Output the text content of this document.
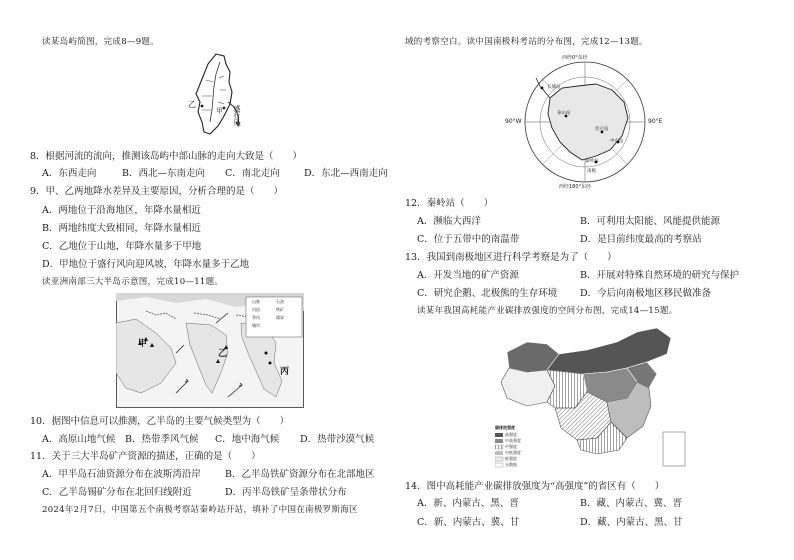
读某岛屿简图，完成8—9题。
乙
甲 盛行风
8．根据河流的流向，推测该岛屿中部山脉的走向大致是（　　）
A．东西走向	B．西北—东南走向 C．南北走向	D．东北—西南走向
9．甲、乙两地降水差异及主要原因，分析合理的是（　　）
A．两地位于沿海地区，年降水量相近
B．两地纬度大致相同，年降水量相近
C．乙地位于山地，年降水量多于甲地
D．甲地位于盛行风向迎风坡，年降水量多于乙地
读亚洲南部三大半岛示意图，完成10—11题。
甲
乙
丙
山脉	石油
河流	铁矿
季风	煤炭
城市
10．据图中信息可以推测，乙半岛的主要气候类型为（　　）
A．高原山地气候 B．热带季风气候 C．地中海气候 D．热带沙漠气候
11．关于三大半岛矿产资源的描述，正确的是（　　）
A．甲半岛石油资源分布在波斯湾沿岸	B．乙半岛铁矿资源分布在北部地区
C．乙半岛锡矿分布在北回归线附近	D．丙半岛铁矿呈条带状分布
2024年2月7日，中国第五个南极考察站秦岭站开站，填补了中国在南极罗斯海区
域的考察空白。读中国南极科考站的分布图，完成12—13题。
西经0°东经
90°W	90°E
西经180°东经
长城站
中山站
昆仑站
泰山站
秦岭站
南极
12．秦岭站（　　）
A．濒临大西洋	B．可利用太阳能、风能提供能源
C．位于五带中的南温带	D．是目前纬度最高的考察站
13．我国到南极地区进行科学考察是为了（　　）
A．开发当地的矿产资源	B．开展对特殊自然环境的研究与保护
C．研究企鹅、北极熊的生存环境 D．今后向南极地区移民做准备
读某年我国高耗能产业碳排放强度的空间分布图，完成14—15题。
碳排放强度
高强度
中高强度
中强度
中低强度
低强度
无数据
14．图中高耗能产业碳排放强度为“高强度”的省区有（　　）
A．新、内蒙古、黑、晋	B．藏、内蒙古、冀、晋
C．新、内蒙古、冀、甘	D．藏、内蒙古、黑、甘
